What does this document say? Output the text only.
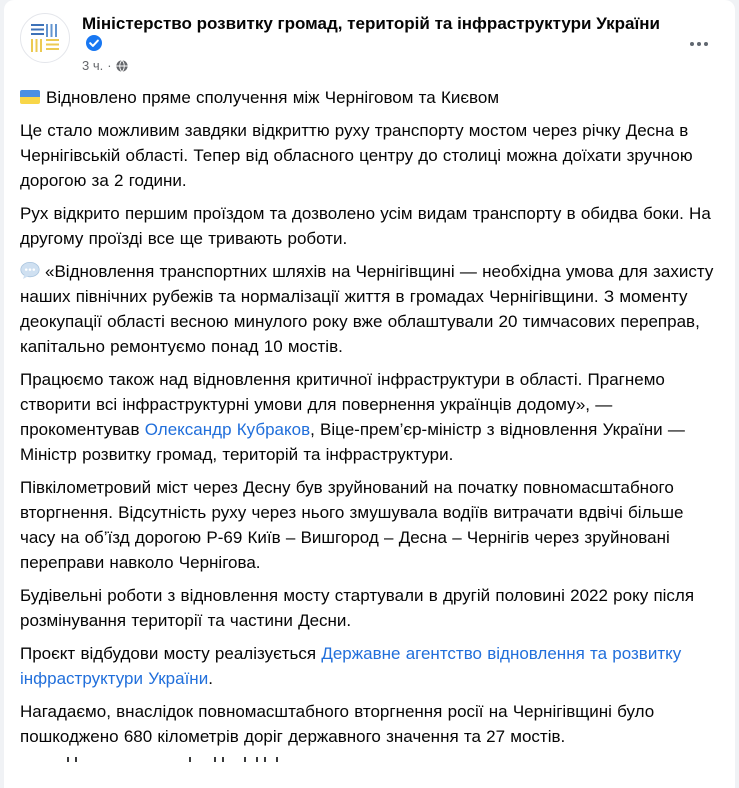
Міністерство розвитку громад, територій та інфраструктури України
3 ч. ·

Відновлено пряме сполучення між Черніговом та Києвом

Це стало можливим завдяки відкриттю руху транспорту мостом через річку Десна в Чернігівській області. Тепер від обласного центру до столиці можна доїхати зручною дорогою за 2 години.

Рух відкрито першим проїздом та дозволено усім видам транспорту в обидва боки. На другому проїзді все ще тривають роботи.

«Відновлення транспортних шляхів на Чернігівщині — необхідна умова для захисту наших північних рубежів та нормалізації життя в громадах Чернігівщини. З моменту деокупації області весною минулого року вже облаштували 20 тимчасових переправ, капітально ремонтуємо понад 10 мостів.

Працюємо також над відновлення критичної інфраструктури в області. Прагнемо створити всі інфраструктурні умови для повернення українців додому», — прокоментував Олександр Кубраков, Віце-прем’єр-міністр з відновлення України — Міністр розвитку громад, територій та інфраструктури.

Півкілометровий міст через Десну був зруйнований на початку повномасштабного вторгнення. Відсутність руху через нього змушувала водіїв витрачати вдвічі більше часу на об’їзд дорогою Р-69 Київ – Вишгород – Десна – Чернігів через зруйновані переправи навколо Чернігова.

Будівельні роботи з відновлення мосту стартували в другій половині 2022 року після розмінування території та частини Десни.

Проєкт відбудови мосту реалізується Державне агентство відновлення та розвитку інфраструктури України.

Нагадаємо, внаслідок повномасштабного вторгнення росії на Чернігівщині було пошкоджено 680 кілометрів доріг державного значення та 27 мостів.
